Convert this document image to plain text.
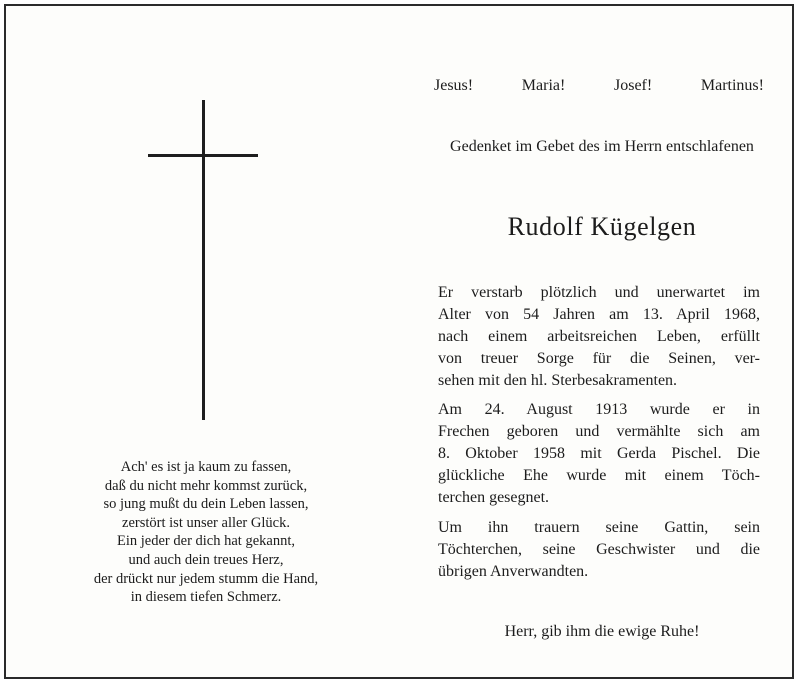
Ach' es ist ja kaum zu fassen,
daß du nicht mehr kommst zurück,
so jung mußt du dein Leben lassen,
zerstört ist unser aller Glück.
Ein jeder der dich hat gekannt,
und auch dein treues Herz,
der drückt nur jedem stumm die Hand,
in diesem tiefen Schmerz.
Jesus!	Maria!	Josef!	Martinus!
Gedenket im Gebet des im Herrn entschlafenen
Rudolf Kügelgen
Er verstarb plötzlich und unerwartet im
Alter von 54 Jahren am 13. April 1968,
nach einem arbeitsreichen Leben, erfüllt
von treuer Sorge für die Seinen, ver-
sehen mit den hl. Sterbesakramenten.
Am 24. August 1913 wurde er in
Frechen geboren und vermählte sich am
8. Oktober 1958 mit Gerda Pischel. Die
glückliche Ehe wurde mit einem Töch-
terchen gesegnet.
Um ihn trauern seine Gattin, sein
Töchterchen, seine Geschwister und die
übrigen Anverwandten.
Herr, gib ihm die ewige Ruhe!
